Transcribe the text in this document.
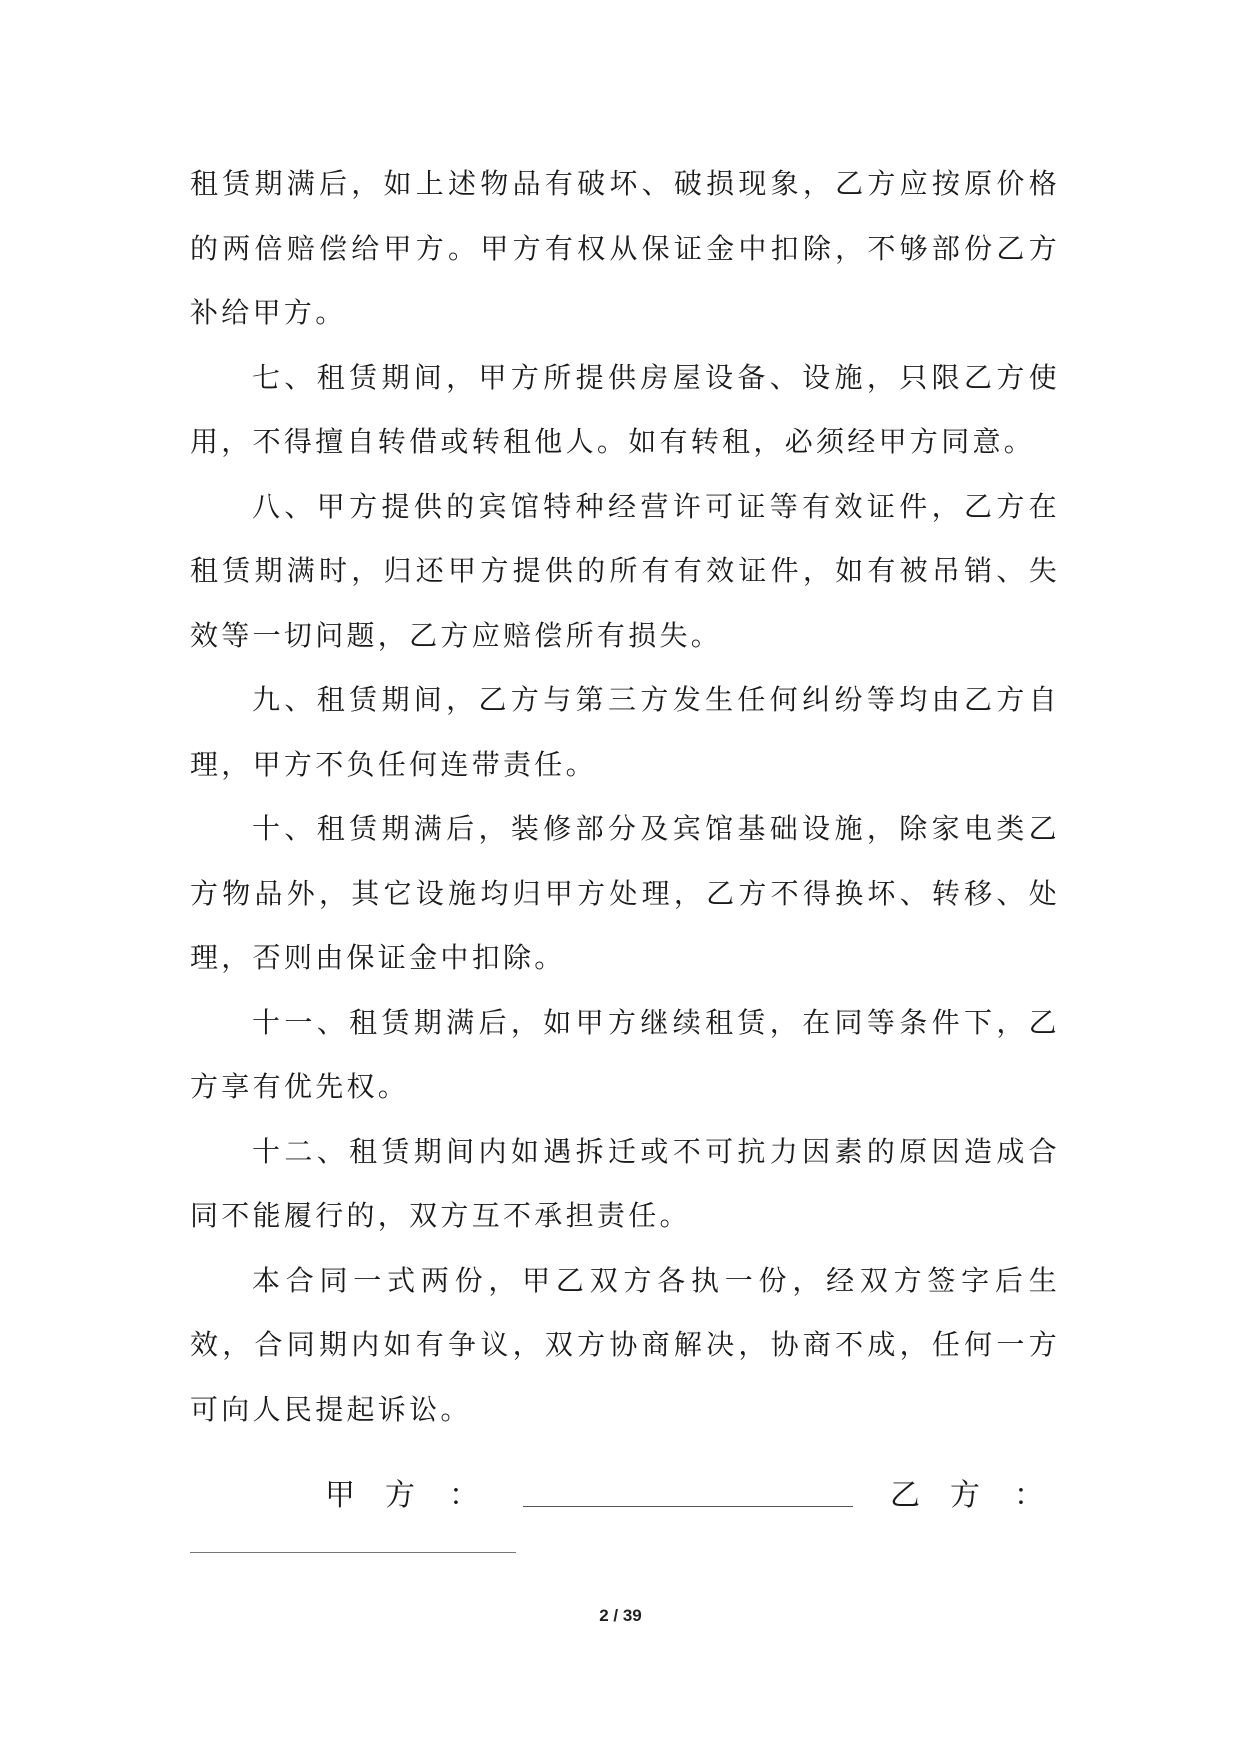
租赁期满后，如上述物品有破坏、破损现象，乙方应按原价格的两倍赔偿给甲方。甲方有权从保证金中扣除，不够部份乙方补给甲方。

七、租赁期间，甲方所提供房屋设备、设施，只限乙方使用，不得擅自转借或转租他人。如有转租，必须经甲方同意。

八、甲方提供的宾馆特种经营许可证等有效证件，乙方在租赁期满时，归还甲方提供的所有有效证件，如有被吊销、失效等一切问题，乙方应赔偿所有损失。

九、租赁期间，乙方与第三方发生任何纠纷等均由乙方自理，甲方不负任何连带责任。

十、租赁期满后，装修部分及宾馆基础设施，除家电类乙方物品外，其它设施均归甲方处理，乙方不得换坏、转移、处理，否则由保证金中扣除。

十一、租赁期满后，如甲方继续租赁，在同等条件下，乙方享有优先权。

十二、租赁期间内如遇拆迁或不可抗力因素的原因造成合同不能履行的，双方互不承担责任。

本合同一式两份，甲乙双方各执一份，经双方签字后生效，合同期内如有争议，双方协商解决，协商不成，任何一方可向人民提起诉讼。

甲 方 ：	乙 方 ：
2 / 39
